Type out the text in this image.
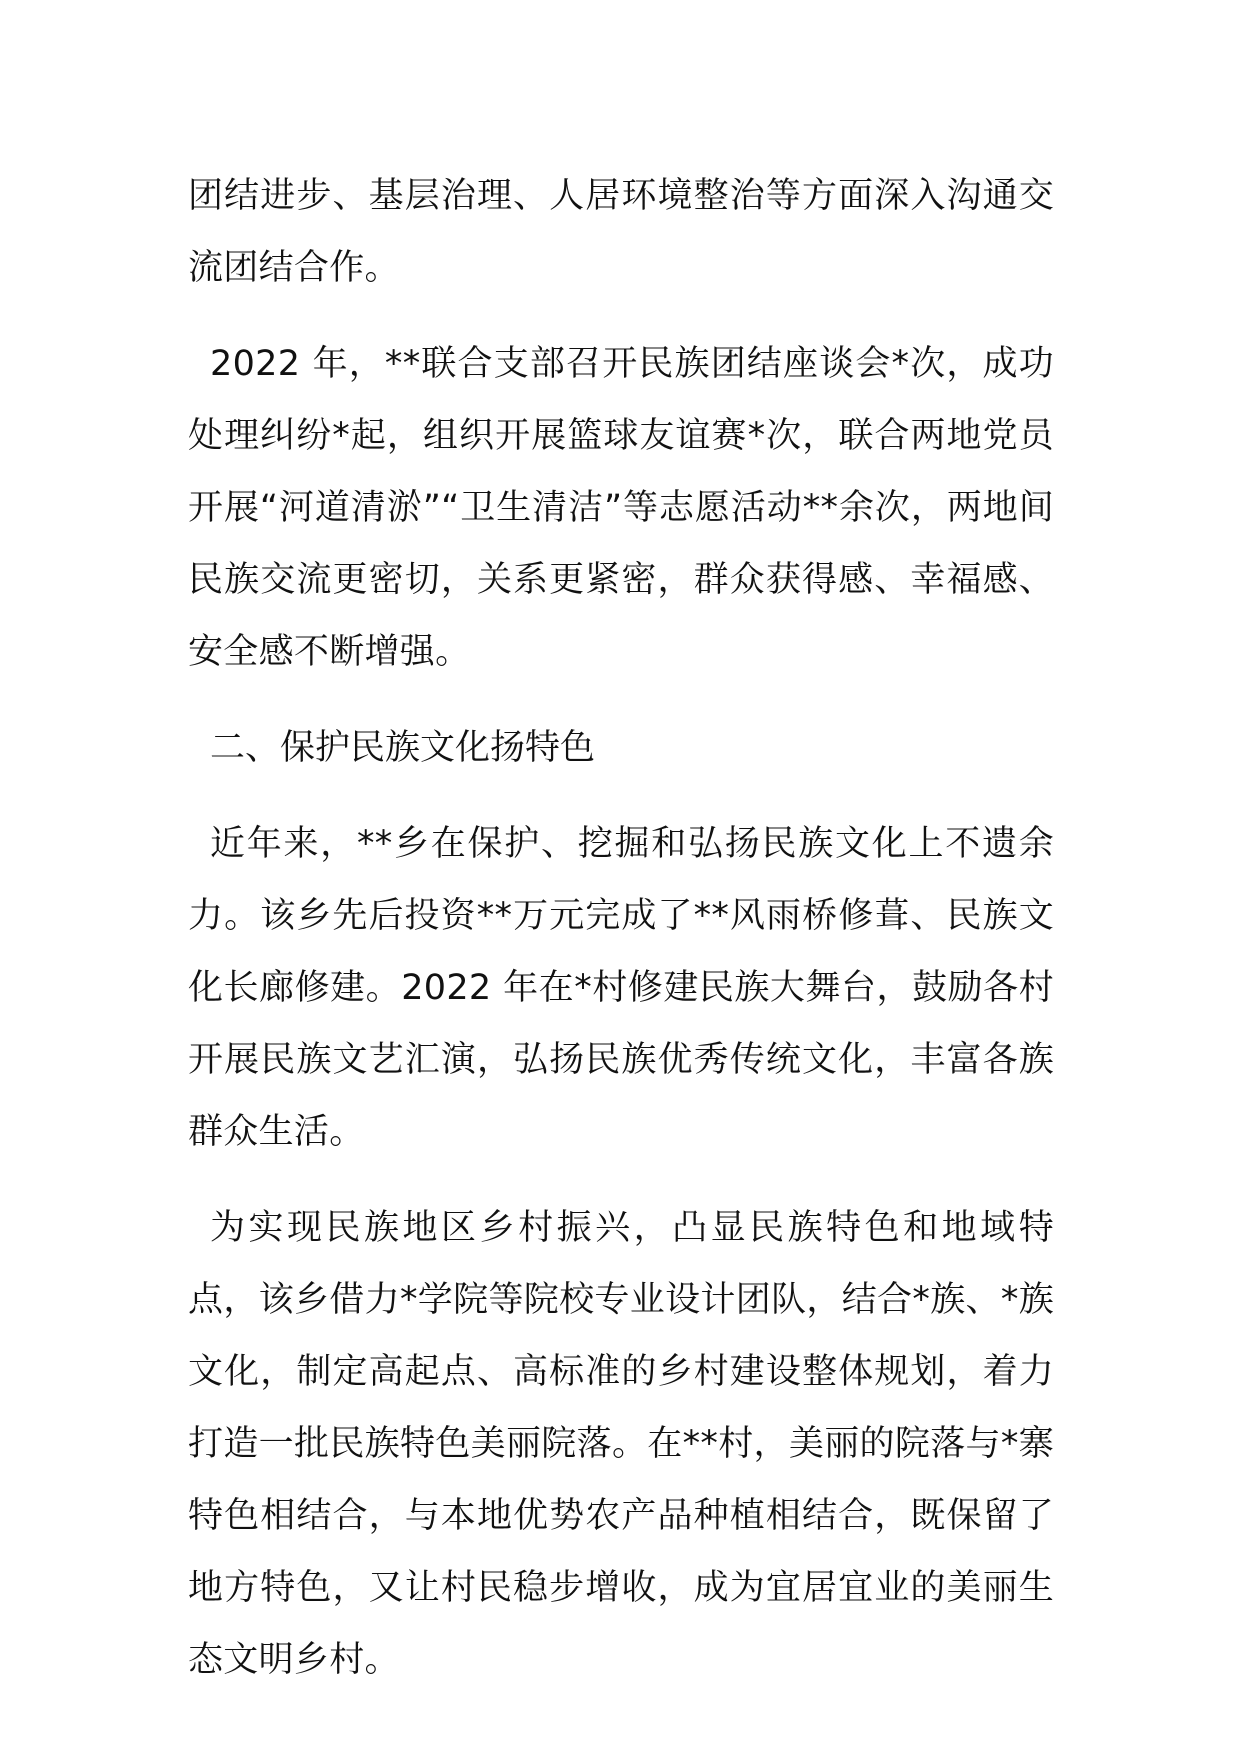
团结进步、基层治理、人居环境整治等方面深入沟通交流团结合作。

2022 年，**联合支部召开民族团结座谈会*次，成功处理纠纷*起，组织开展篮球友谊赛*次，联合两地党员开展“河道清淤”“卫生清洁”等志愿活动**余次，两地间民族交流更密切，关系更紧密，群众获得感、幸福感、安全感不断增强。

二、保护民族文化扬特色

近年来，**乡在保护、挖掘和弘扬民族文化上不遗余力。该乡先后投资**万元完成了**风雨桥修葺、民族文化长廊修建。2022 年在*村修建民族大舞台，鼓励各村开展民族文艺汇演，弘扬民族优秀传统文化，丰富各族群众生活。

为实现民族地区乡村振兴，凸显民族特色和地域特点，该乡借力*学院等院校专业设计团队，结合*族、*族文化，制定高起点、高标准的乡村建设整体规划，着力打造一批民族特色美丽院落。在**村，美丽的院落与*寨特色相结合，与本地优势农产品种植相结合，既保留了地方特色，又让村民稳步增收，成为宜居宜业的美丽生态文明乡村。
